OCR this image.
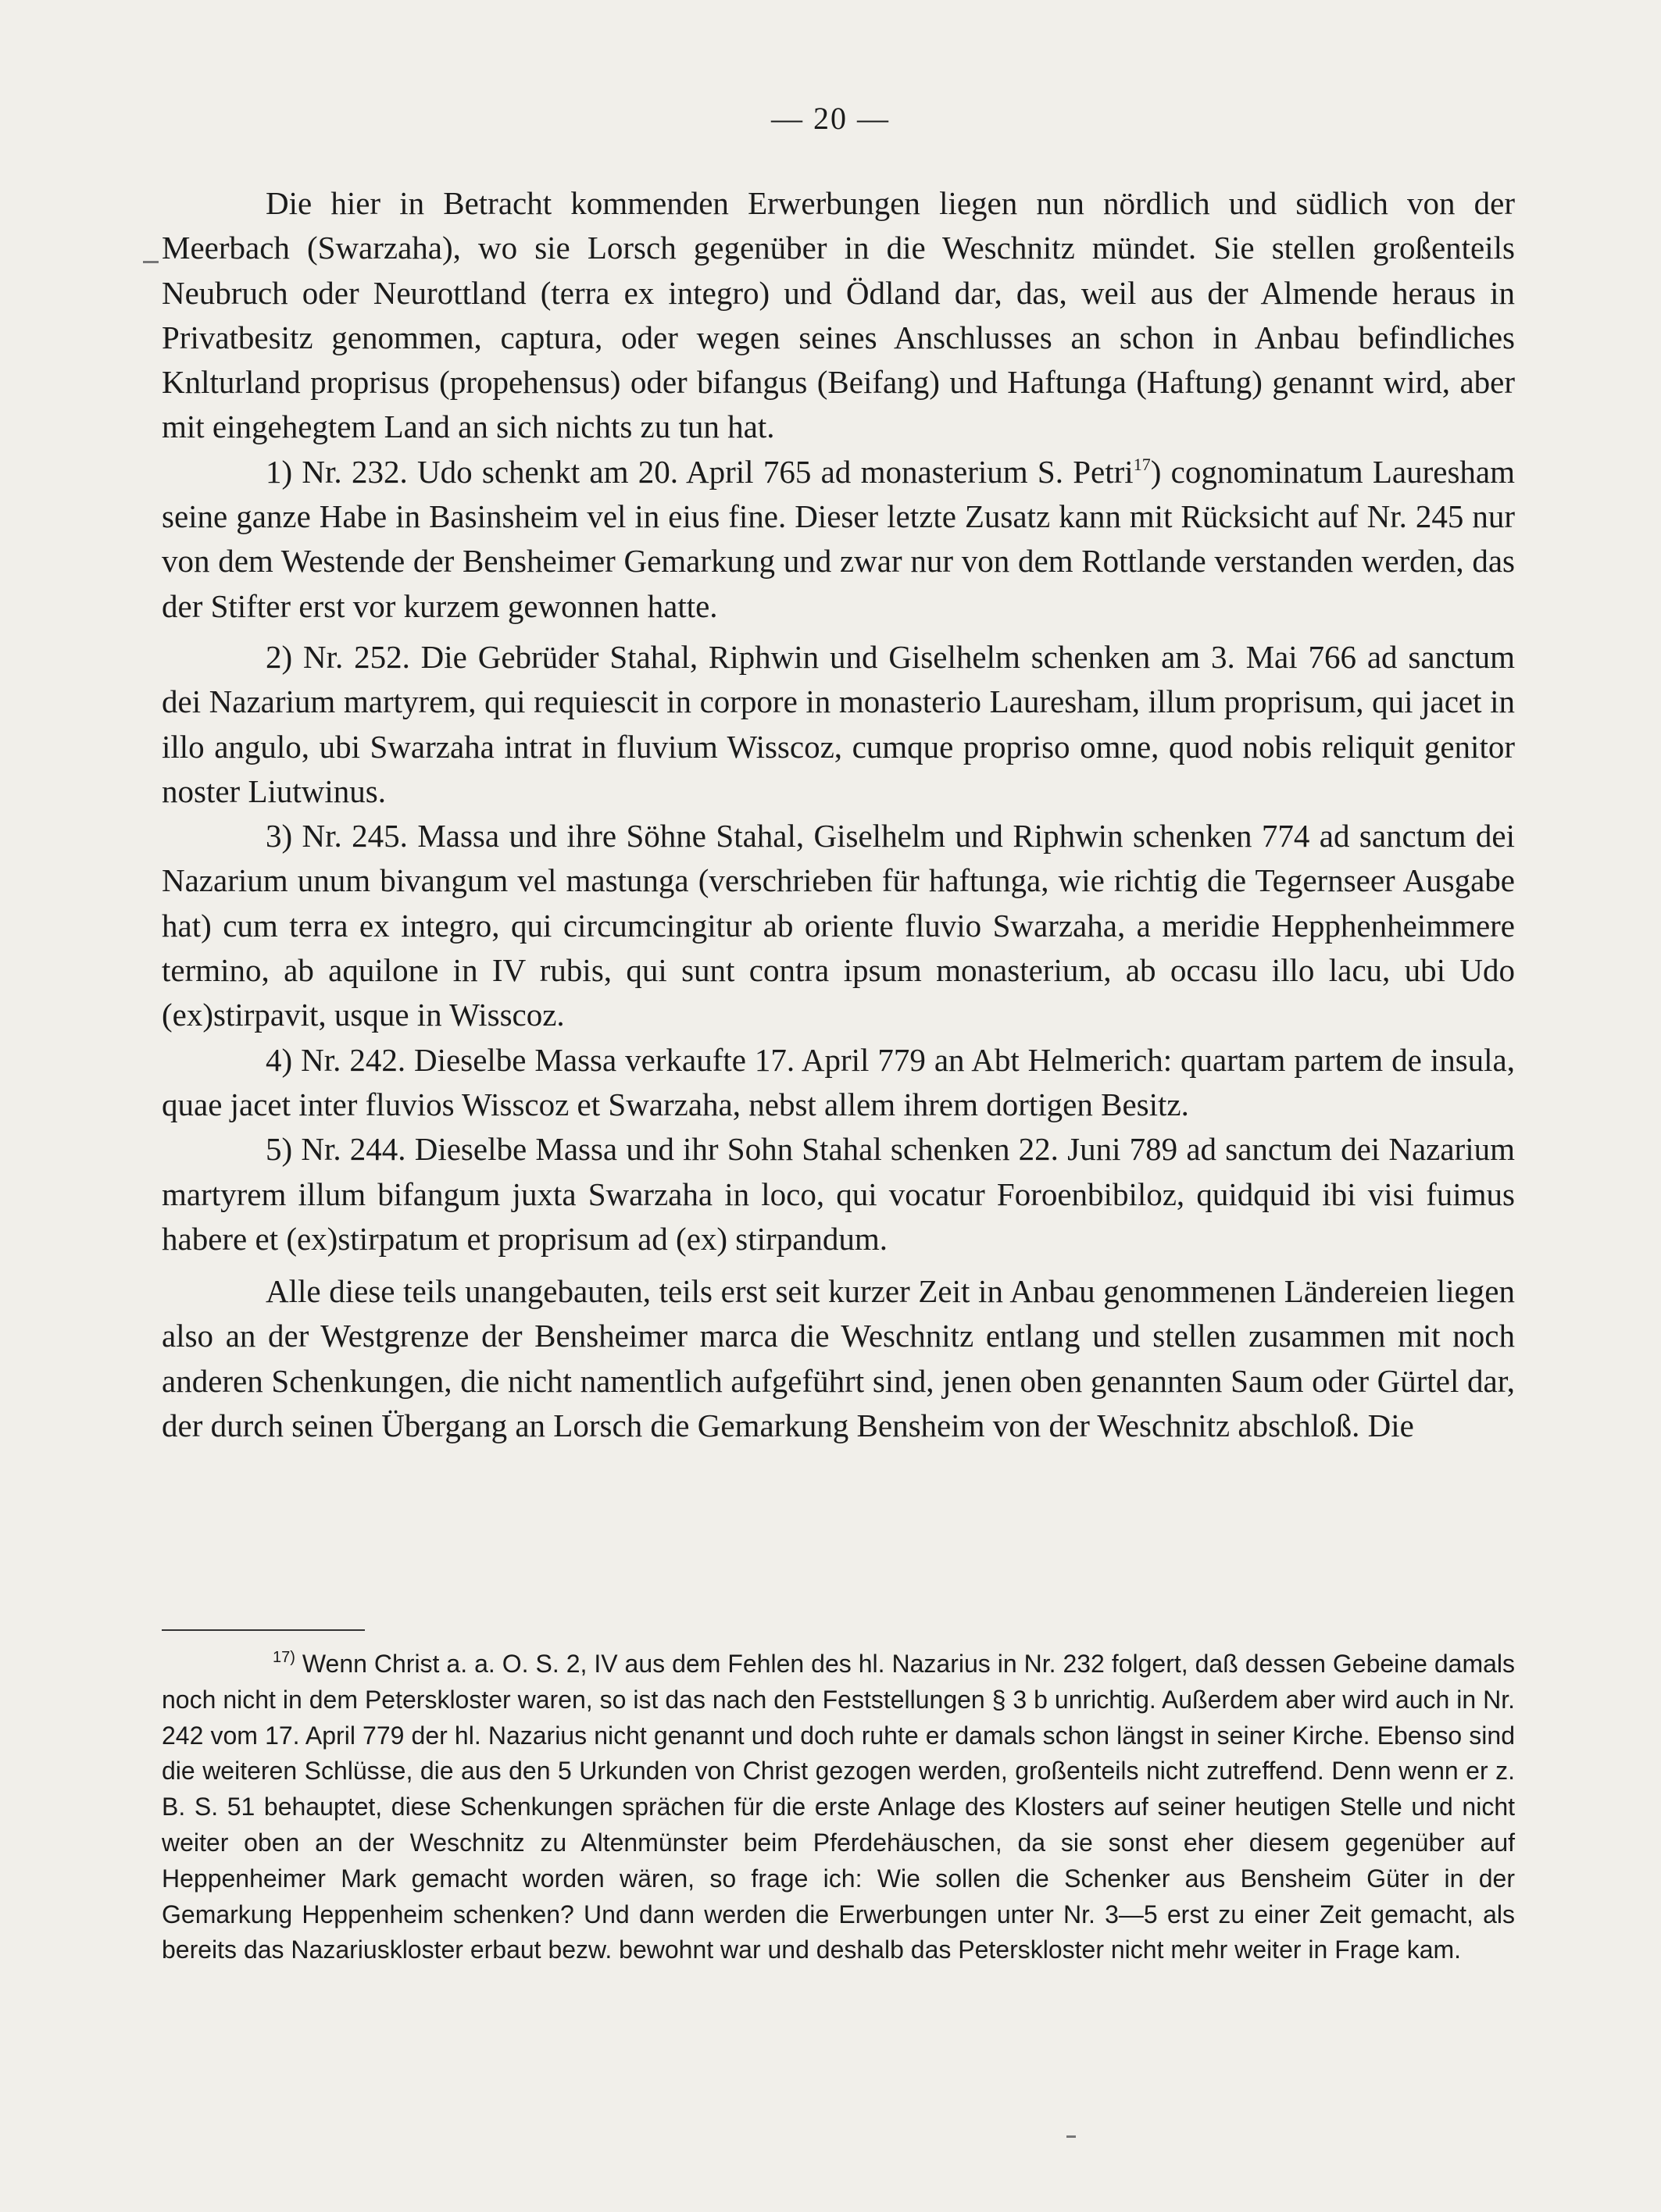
— 20 —

Die hier in Betracht kommenden Erwerbungen liegen nun nördlich und südlich von der Meerbach (Swarzaha), wo sie Lorsch gegenüber in die Weschnitz mündet. Sie stellen großenteils Neubruch oder Neurottland (terra ex integro) und Ödland dar, das, weil aus der Almende heraus in Privatbesitz genommen, captura, oder wegen seines Anschlusses an schon in Anbau befindliches Knlturland proprisus (propehensus) oder bifangus (Beifang) und Haftunga (Haftung) genannt wird, aber mit eingehegtem Land an sich nichts zu tun hat.

1) Nr. 232. Udo schenkt am 20. April 765 ad monasterium S. Petri$^{17}$) cognominatum Lauresham seine ganze Habe in Basinsheim vel in eius fine. Dieser letzte Zusatz kann mit Rücksicht auf Nr. 245 nur von dem Westende der Bensheimer Gemarkung und zwar nur von dem Rottlande verstanden werden, das der Stifter erst vor kurzem gewonnen hatte.

2) Nr. 252. Die Gebrüder Stahal, Riphwin und Giselhelm schenken am 3. Mai 766 ad sanctum dei Nazarium martyrem, qui requiescit in corpore in monasterio Lauresham, illum proprisum, qui jacet in illo angulo, ubi Swarzaha intrat in fluvium Wisscoz, cumque propriso omne, quod nobis reliquit genitor noster Liutwinus.

3) Nr. 245. Massa und ihre Söhne Stahal, Giselhelm und Riphwin schenken 774 ad sanctum dei Nazarium unum bivangum vel mastunga (verschrieben für haftunga, wie richtig die Tegernseer Ausgabe hat) cum terra ex integro, qui circumcingitur ab oriente fluvio Swarzaha, a meridie Hepphenheimmere termino, ab aquilone in IV rubis, qui sunt contra ipsum monasterium, ab occasu illo lacu, ubi Udo (ex)stirpavit, usque in Wisscoz.

4) Nr. 242. Dieselbe Massa verkaufte 17. April 779 an Abt Helmerich: quartam partem de insula, quae jacet inter fluvios Wisscoz et Swarzaha, nebst allem ihrem dortigen Besitz.

5) Nr. 244. Dieselbe Massa und ihr Sohn Stahal schenken 22. Juni 789 ad sanctum dei Nazarium martyrem illum bifangum juxta Swarzaha in loco, qui vocatur Foroenbibiloz, quidquid ibi visi fuimus habere et (ex)stirpatum et proprisum ad (ex) stirpandum.

Alle diese teils unangebauten, teils erst seit kurzer Zeit in Anbau genommenen Ländereien liegen also an der Westgrenze der Bensheimer marca die Weschnitz entlang und stellen zusammen mit noch anderen Schenkungen, die nicht namentlich aufgeführt sind, jenen oben genannten Saum oder Gürtel dar, der durch seinen Übergang an Lorsch die Gemarkung Bensheim von der Weschnitz abschloß. Die

$^{17)}$ Wenn Christ a. a. O. S. 2, IV aus dem Fehlen des hl. Nazarius in Nr. 232 folgert, daß dessen Gebeine damals noch nicht in dem Peterskloster waren, so ist das nach den Feststellungen § 3 b unrichtig. Außerdem aber wird auch in Nr. 242 vom 17. April 779 der hl. Nazarius nicht genannt und doch ruhte er damals schon längst in seiner Kirche. Ebenso sind die weiteren Schlüsse, die aus den 5 Urkunden von Christ gezogen werden, großenteils nicht zutreffend. Denn wenn er z. B. S. 51 behauptet, diese Schenkungen sprächen für die erste Anlage des Klosters auf seiner heutigen Stelle und nicht weiter oben an der Weschnitz zu Altenmünster beim Pferdehäuschen, da sie sonst eher diesem gegenüber auf Heppenheimer Mark gemacht worden wären, so frage ich: Wie sollen die Schenker aus Bensheim Güter in der Gemarkung Heppenheim schenken? Und dann werden die Erwerbungen unter Nr. 3—5 erst zu einer Zeit gemacht, als bereits das Nazariuskloster erbaut bezw. bewohnt war und deshalb das Peterskloster nicht mehr weiter in Frage kam.
